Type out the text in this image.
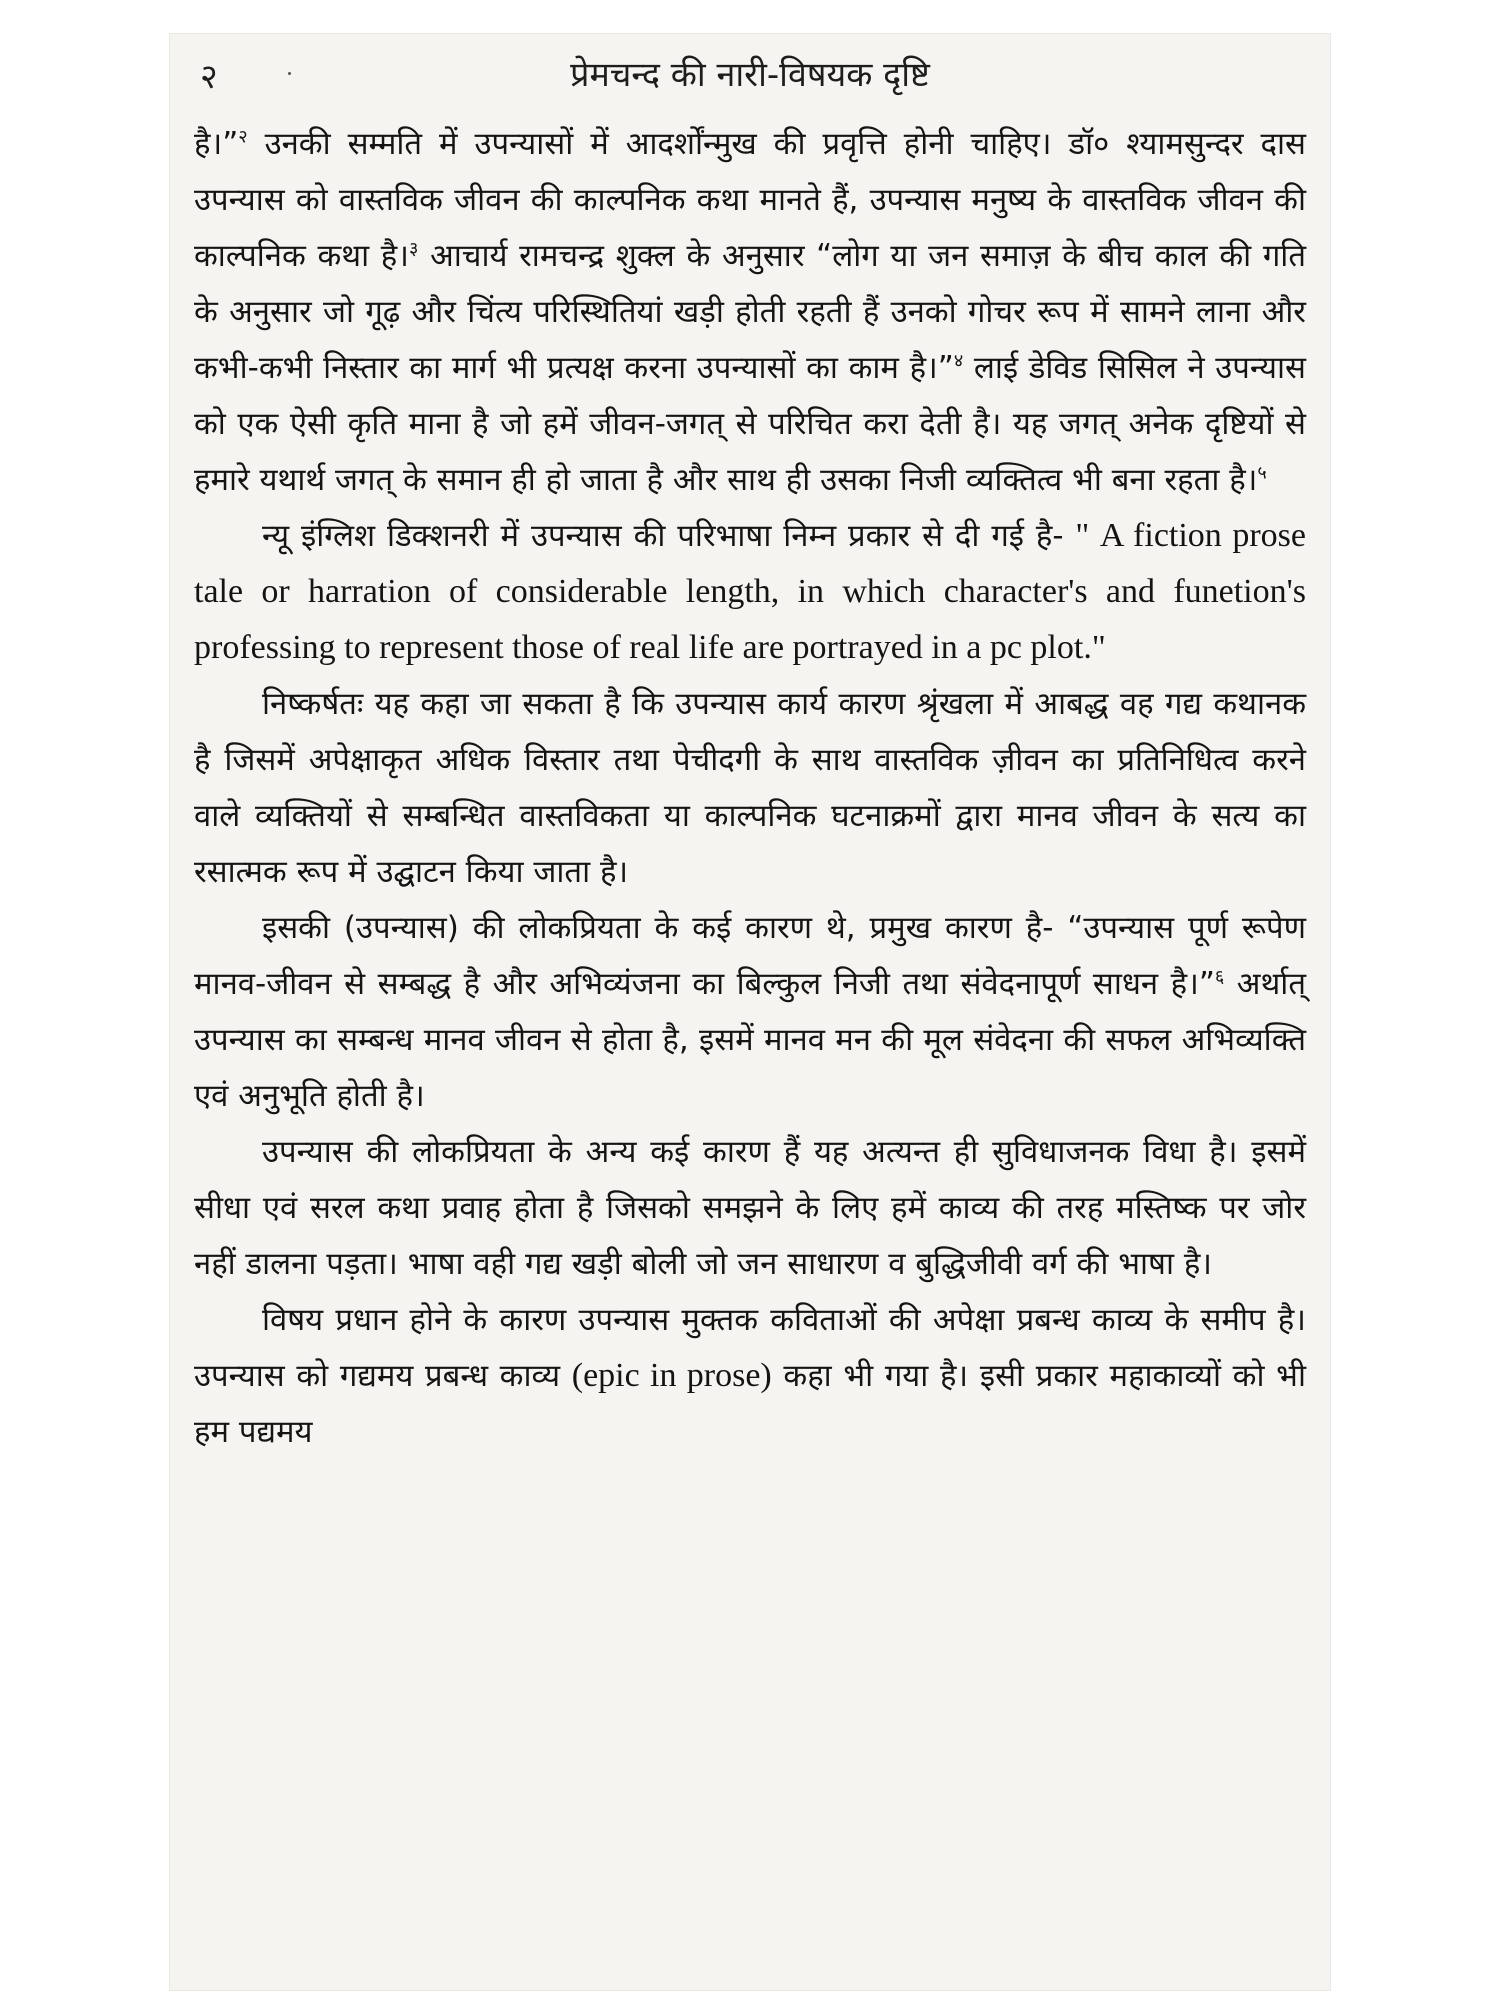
२	प्रेमचन्द की नारी-विषयक दृष्टि

है।”$^२$ उनकी सम्मति में उपन्यासों में आदर्शोंन्मुख की प्रवृत्ति होनी चाहिए। डॉ० श्यामसुन्दर दास उपन्यास को वास्तविक जीवन की काल्पनिक कथा मानते हैं, उपन्यास मनुष्य के वास्तविक जीवन की काल्पनिक कथा है।$^३$ आचार्य रामचन्द्र शुक्ल के अनुसार “लोग या जन समाज़ के बीच काल की गति के अनुसार जो गूढ़ और चिंत्य परिस्थितियां खड़ी होती रहती हैं उनको गोचर रूप में सामने लाना और कभी-कभी निस्तार का मार्ग भी प्रत्यक्ष करना उपन्यासों का काम है।”$^४$ लाई डेविड सिसिल ने उपन्यास को एक ऐसी कृति माना है जो हमें जीवन-जगत् से परिचित करा देती है। यह जगत् अनेक दृष्टियों से हमारे यथार्थ जगत् के समान ही हो जाता है और साथ ही उसका निजी व्यक्तित्व भी बना रहता है।$^५$

न्यू इंग्लिश डिक्शनरी में उपन्यास की परिभाषा निम्न प्रकार से दी गई है- " A fiction prose tale or harration of considerable length, in which character's and funetion's professing to represent those of real life are portrayed in a pc plot."

निष्कर्षतः यह कहा जा सकता है कि उपन्यास कार्य कारण श्रृंखला में आबद्ध वह गद्य कथानक है जिसमें अपेक्षाकृत अधिक विस्तार तथा पेचीदगी के साथ वास्तविक ज़ीवन का प्रतिनिधित्व करने वाले व्यक्तियों से सम्बन्धित वास्तविकता या काल्पनिक घटनाक्रमों द्वारा मानव जीवन के सत्य का रसात्मक रूप में उद्घाटन किया जाता है।

इसकी (उपन्यास) की लोकप्रियता के कई कारण थे, प्रमुख कारण है- “उपन्यास पूर्ण रूपेण मानव-जीवन से सम्बद्ध है और अभिव्यंजना का बिल्कुल निजी तथा संवेदनापूर्ण साधन है।”$^६$ अर्थात् उपन्यास का सम्बन्ध मानव जीवन से होता है, इसमें मानव मन की मूल संवेदना की सफल अभिव्यक्ति एवं अनुभूति होती है।

उपन्यास की लोकप्रियता के अन्य कई कारण हैं यह अत्यन्त ही सुविधाजनक विधा है। इसमें सीधा एवं सरल कथा प्रवाह होता है जिसको समझने के लिए हमें काव्य की तरह मस्तिष्क पर जोर नहीं डालना पड़ता। भाषा वही गद्य खड़ी बोली जो जन साधारण व बुद्धिजीवी वर्ग की भाषा है।

विषय प्रधान होने के कारण उपन्यास मुक्तक कविताओं की अपेक्षा प्रबन्ध काव्य के समीप है। उपन्यास को गद्यमय प्रबन्ध काव्य (epic in prose) कहा भी गया है। इसी प्रकार महाकाव्यों को भी हम पद्यमय
